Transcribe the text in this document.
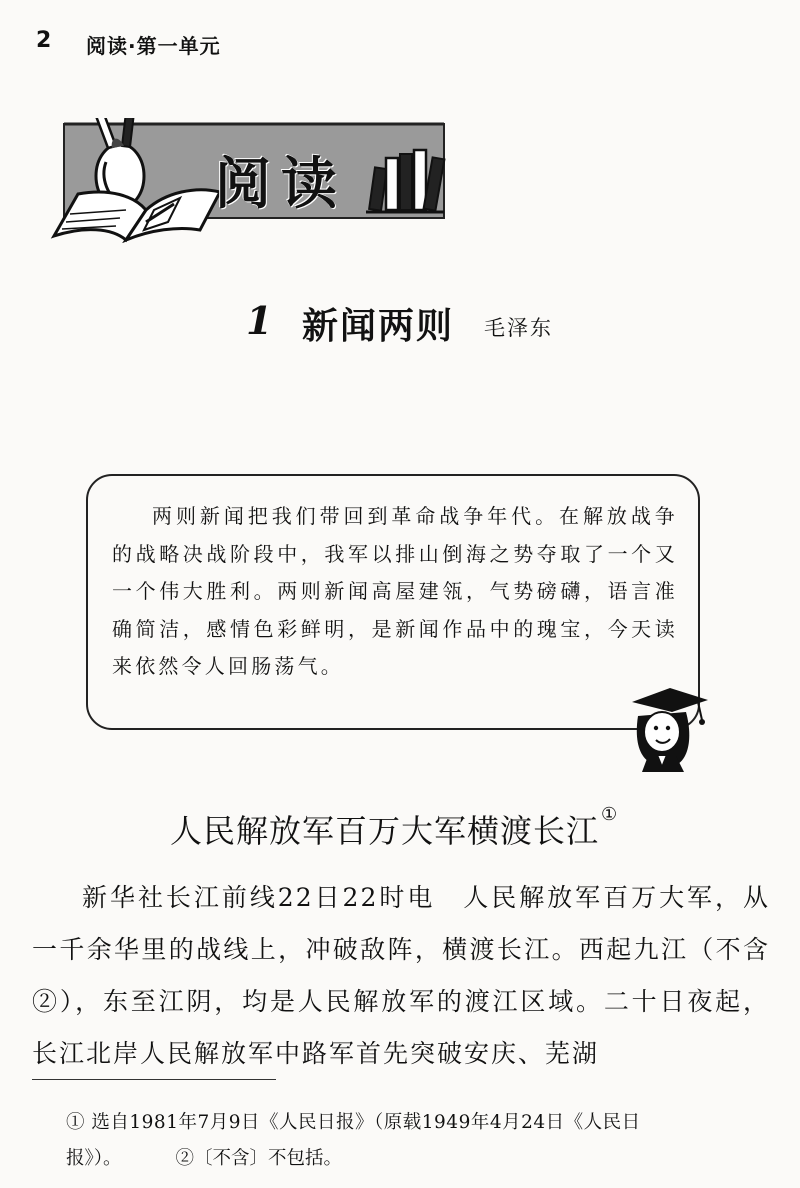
2 阅读·第一单元
阅读
1 新闻两则 毛泽东
两则新闻把我们带回到革命战争年代。在解放战争的战略决战阶段中，我军以排山倒海之势夺取了一个又一个伟大胜利。两则新闻高屋建瓴，气势磅礴，语言准确简洁，感情色彩鲜明，是新闻作品中的瑰宝，今天读来依然令人回肠荡气。
人民解放军百万大军横渡长江 ①

新华社长江前线22日22时电　人民解放军百万大军，从一千余华里的战线上，冲破敌阵，横渡长江。西起九江（不含②），东至江阴，均是人民解放军的渡江区域。二十日夜起，长江北岸人民解放军中路军首先突破安庆、芜湖

① 选自1981年7月9日《人民日报》（原载1949年4月24日《人民日
报》）。	②〔不含〕不包括。
